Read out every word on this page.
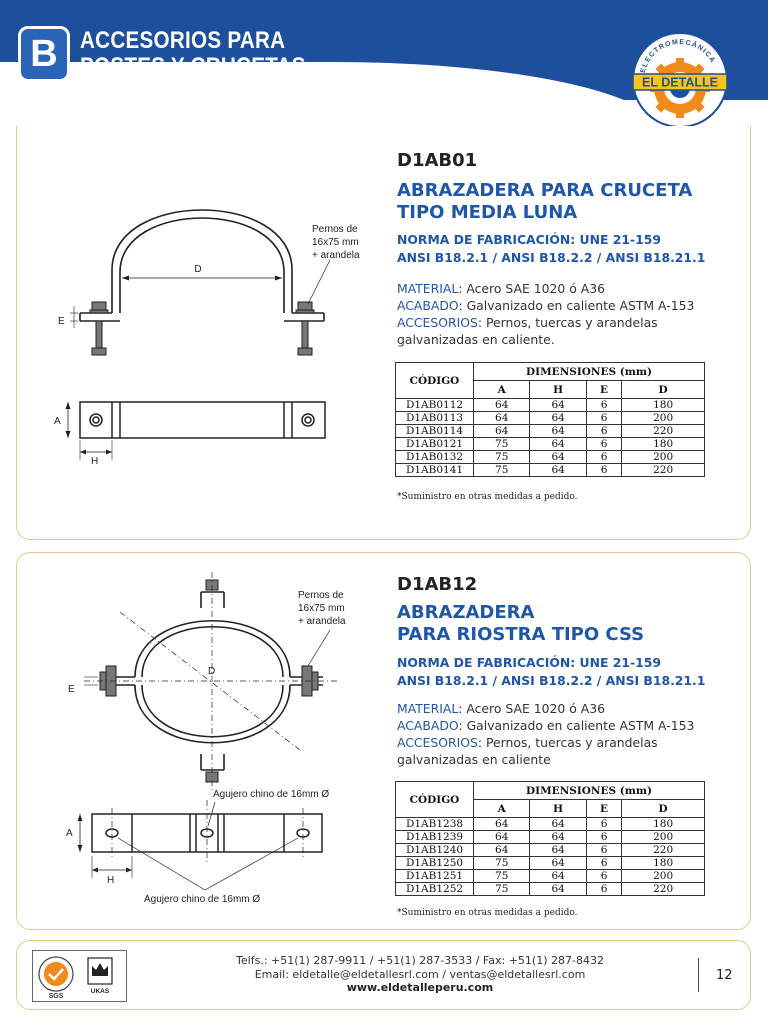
B ACCESORIOS PARA
POSTES Y CRUCETAS	ELECTROMECÁNICA
EL DETALLE
D
E
Pernos de
16x75 mm
+ arandela
A
H
D1AB01
ABRAZADERA PARA CRUCETA
TIPO MEDIA LUNA
NORMA DE FABRICACIÓN: UNE 21-159
ANSI B18.2.1 / ANSI B18.2.2 / ANSI B18.21.1
MATERIAL: Acero SAE 1020 ó A36
ACABADO: Galvanizado en caliente ASTM A-153
ACCESORIOS: Pernos, tuercas y arandelas
galvanizadas en caliente.
CÓDIGO	DIMENSIONES (mm)			
	A	H	E	D
D1AB0112	64	64	6	180
D1AB0113	64	64	6	200
D1AB0114	64	64	6	220
D1AB0121	75	64	6	180
D1AB0132	75	64	6	200
D1AB0141	75	64	6	220
*Suministro en otras medidas a pedido.
D
E
Pernos de
16x75 mm
+ arandela
Agujero chino de 16mm Ø
A
H
Agujero chino de 16mm Ø
D1AB12
ABRAZADERA
PARA RIOSTRA TIPO CSS
NORMA DE FABRICACIÓN: UNE 21-159
ANSI B18.2.1 / ANSI B18.2.2 / ANSI B18.21.1
MATERIAL: Acero SAE 1020 ó A36
ACABADO: Galvanizado en caliente ASTM A-153
ACCESORIOS: Pernos, tuercas y arandelas
galvanizadas en caliente
CÓDIGO	DIMENSIONES (mm)			
	A	H	E	D
D1AB1238	64	64	6	180
D1AB1239	64	64	6	200
D1AB1240	64	64	6	220
D1AB1250	75	64	6	180
D1AB1251	75	64	6	200
D1AB1252	75	64	6	220
*Suministro en otras medidas a pedido.
SGS
UKAS
Telfs.: +51(1) 287-9911 / +51(1) 287-3533 / Fax: +51(1) 287-8432
Email: eldetalle@eldetallesrl.com / ventas@eldetallesrl.com
www.eldetalleperu.com
12
